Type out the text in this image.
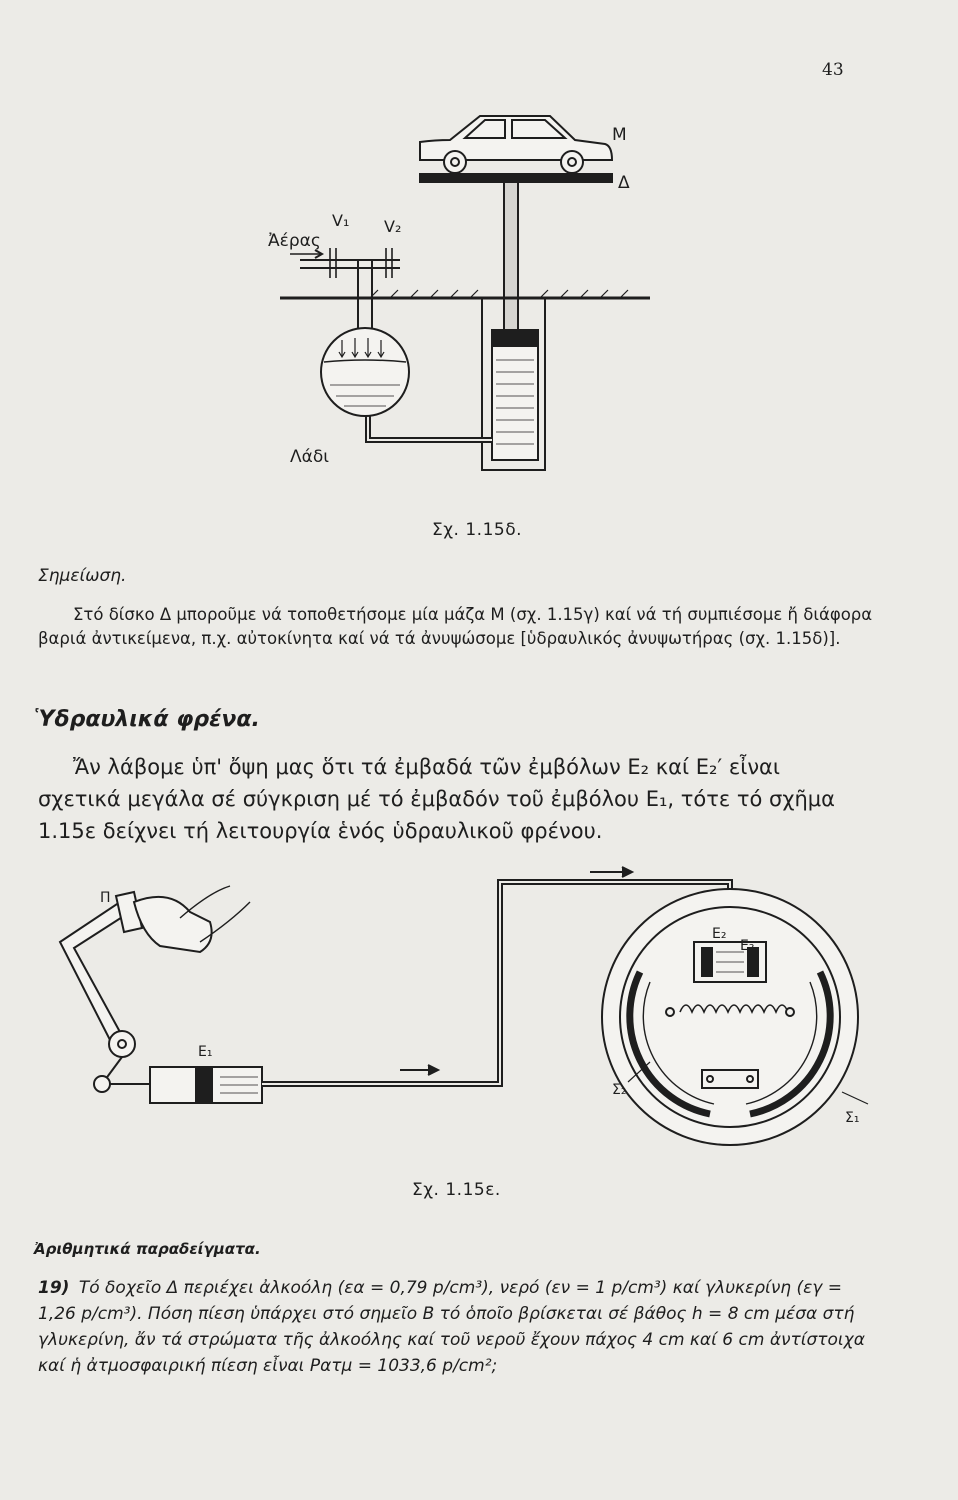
43
Ἀέρας
V₁ V₂
M
Δ
Λάδι
Σχ. 1.15δ.
Σημείωση.

Στό δίσκο Δ μποροῦμε νά τοποθετήσομε μία μάζα M (σχ. 1.15γ) καί νά τή συμπιέσομε ἤ διάφορα βαριά ἀντικείμενα, π.χ. αὐτοκίνητα καί νά τά ἀνυψώσομε [ὑδραυλικός ἀνυψωτήρας (σχ. 1.15δ)].

Ὑδραυλικά φρένα.

Ἄν λάβομε ὑπ' ὄψη μας ὅτι τά ἐμβαδά τῶν ἐμβόλων E₂ καί E₂′ εἶναι σχετικά μεγάλα σέ σύγκριση μέ τό ἐμβαδόν τοῦ ἐμβόλου E₁, τότε τό σχῆμα 1.15ε δείχνει τή λειτουργία ἑνός ὑδραυλικοῦ φρένου.

Π
E₁
E₂
E₂
Σ₂
Σ₁
Σχ. 1.15ε.
Ἀριθμητικά παραδείγματα.
19) Τό δοχεῖο Δ περιέχει ἀλκοόλη (εα = 0,79 p/cm³), νερό (εν = 1 p/cm³) καί γλυκερίνη (εγ = 1,26 p/cm³). Πόση πίεση ὑπάρχει στό σημεῖο B τό ὁποῖο βρίσκεται σέ βάθος h = 8 cm μέσα στή γλυκερίνη, ἄν τά στρώματα τῆς ἀλκοόλης καί τοῦ νεροῦ ἔχουν πάχος 4 cm καί 6 cm ἀντίστοιχα καί ἡ ἀτμοσφαιρική πίεση εἶναι Pατμ = 1033,6 p/cm²;
